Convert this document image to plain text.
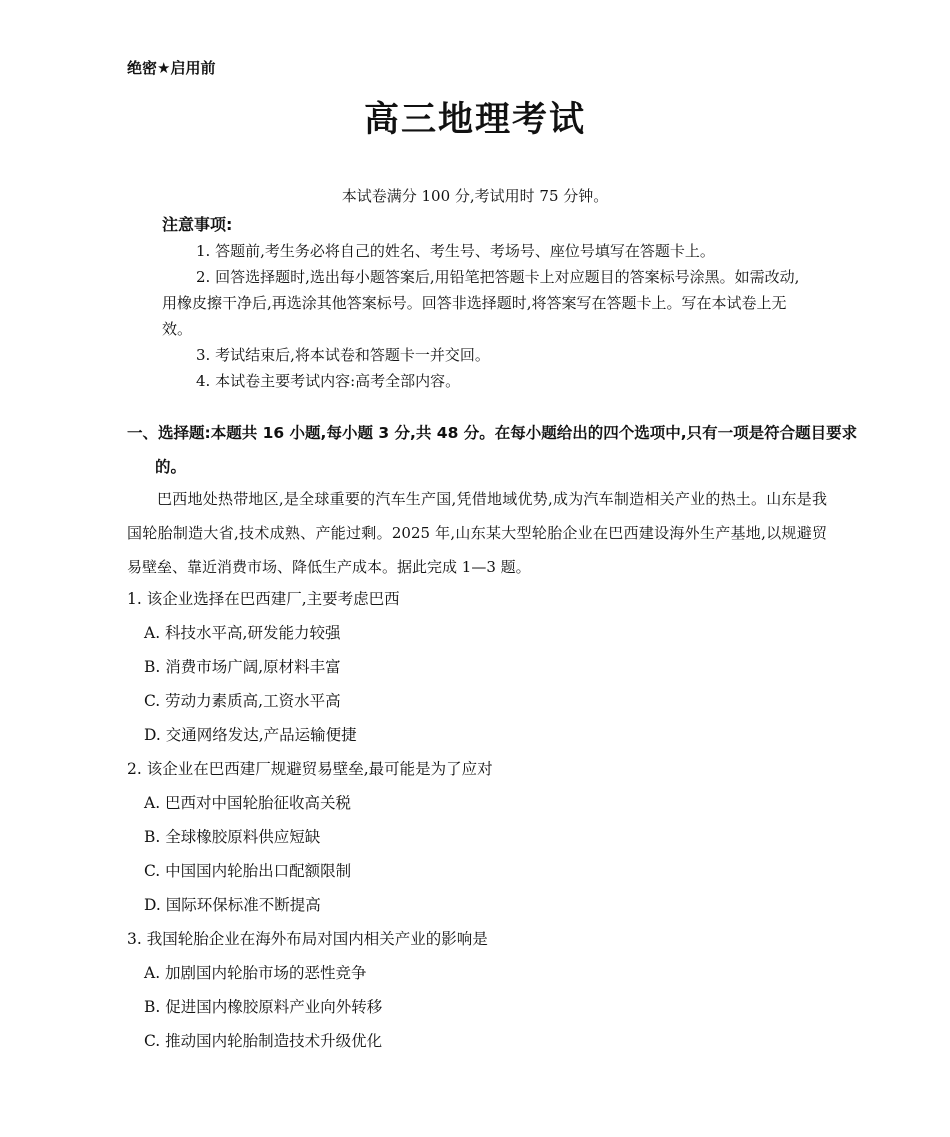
绝密★启用前
高三地理考试
本试卷满分 100 分,考试用时 75 分钟。
注意事项:

1. 答题前,考生务必将自己的姓名、考生号、考场号、座位号填写在答题卡上。

2. 回答选择题时,选出每小题答案后,用铅笔把答题卡上对应题目的答案标号涂黑。如需改动,用橡皮擦干净后,再选涂其他答案标号。回答非选择题时,将答案写在答题卡上。写在本试卷上无效。

3. 考试结束后,将本试卷和答题卡一并交回。

4. 本试卷主要考试内容:高考全部内容。

一、选择题:本题共 16 小题,每小题 3 分,共 48 分。在每小题给出的四个选项中,只有一项是符合题目要求的。

巴西地处热带地区,是全球重要的汽车生产国,凭借地域优势,成为汽车制造相关产业的热土。山东是我国轮胎制造大省,技术成熟、产能过剩。2025 年,山东某大型轮胎企业在巴西建设海外生产基地,以规避贸易壁垒、靠近消费市场、降低生产成本。据此完成 1—3 题。

1. 该企业选择在巴西建厂,主要考虑巴西
A. 科技水平高,研发能力较强
B. 消费市场广阔,原材料丰富
C. 劳动力素质高,工资水平高
D. 交通网络发达,产品运输便捷
2. 该企业在巴西建厂规避贸易壁垒,最可能是为了应对
A. 巴西对中国轮胎征收高关税
B. 全球橡胶原料供应短缺
C. 中国国内轮胎出口配额限制
D. 国际环保标准不断提高
3. 我国轮胎企业在海外布局对国内相关产业的影响是
A. 加剧国内轮胎市场的恶性竞争
B. 促进国内橡胶原料产业向外转移
C. 推动国内轮胎制造技术升级优化
